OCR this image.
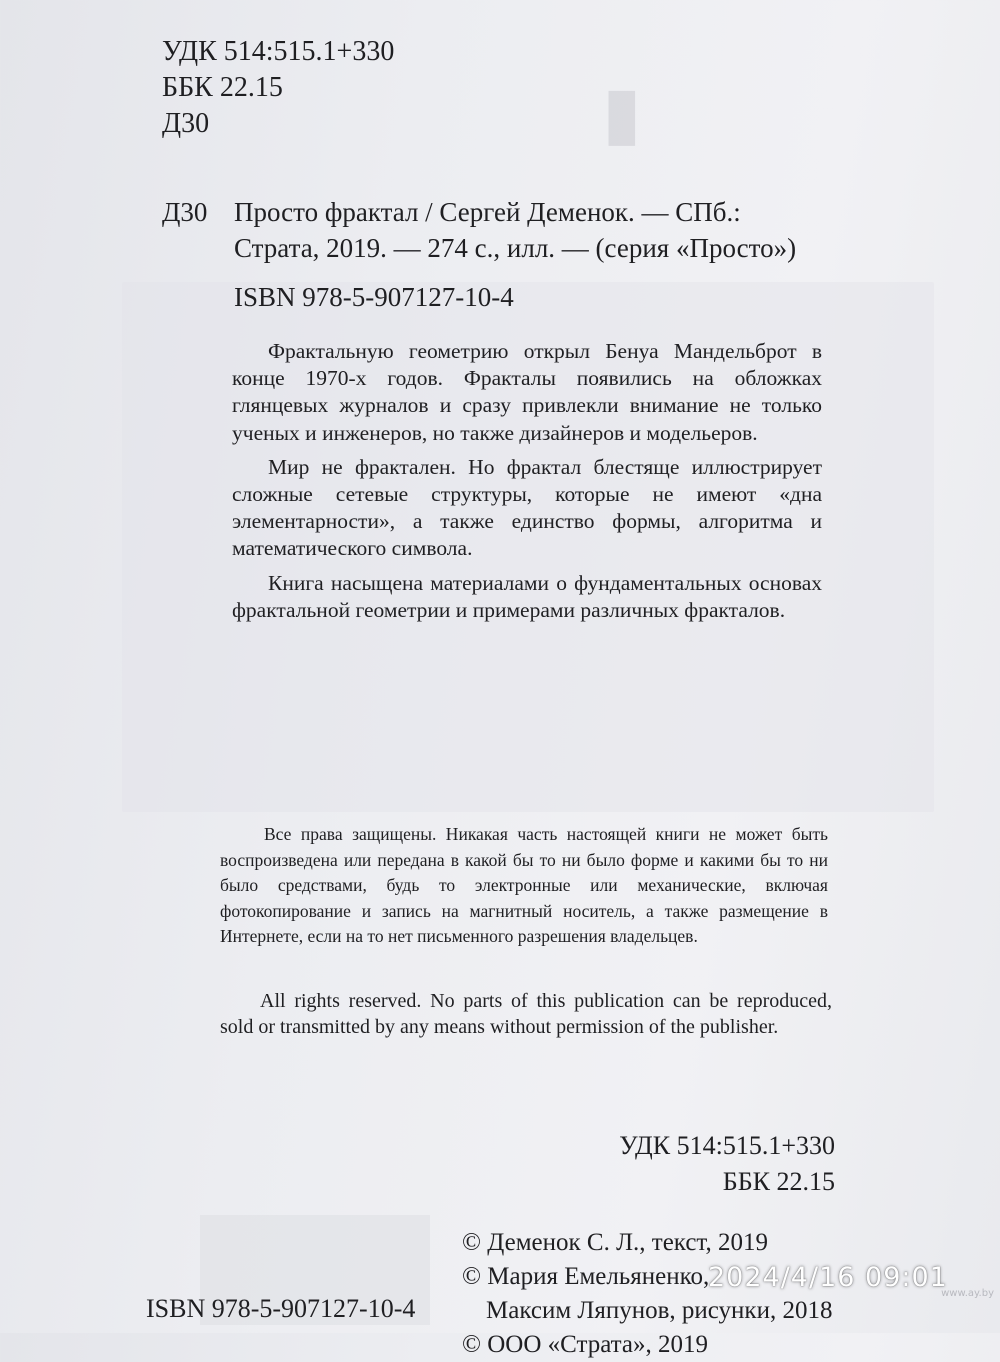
▮
УДК 514:515.1+330
ББК 22.15
Д30
Д30 Просто фрактал / Сергей Деменок. — СПб.:
Страта, 2019. — 274 с., илл. — (серия «Просто»)
ISBN 978-5-907127-10-4

Фрактальную геометрию открыл Бенуа Мандельброт в конце 1970-х годов. Фракталы появились на обложках глянцевых журналов и сразу привлекли внимание не только ученых и инженеров, но также дизайнеров и модельеров.

Мир не фрактален. Но фрактал блестяще иллюстрирует сложные сетевые структуры, которые не имеют «дна элементарности», а также единство формы, алгоритма и математического символа.

Книга насыщена материалами о фундаментальных основах фрактальной геометрии и примерами различных фракталов.

Все права защищены. Никакая часть настоящей книги не может быть воспроизведена или передана в какой бы то ни было форме и какими бы то ни было средствами, будь то электронные или механические, включая фотокопирование и запись на магнитный носитель, а также размещение в Интернете, если на то нет письменного разрешения владельцев.
All rights reserved. No parts of this publication can be reproduced, sold or transmitted by any means without permission of the publisher.
УДК 514:515.1+330
ББК 22.15
© Деменок С. Л., текст, 2019
© Мария Емельяненко,
Максим Ляпунов, рисунки, 2018
© ООО «Страта», 2019
ISBN 978-5-907127-10-4
2024/4/16 09:01
www.ay.by
